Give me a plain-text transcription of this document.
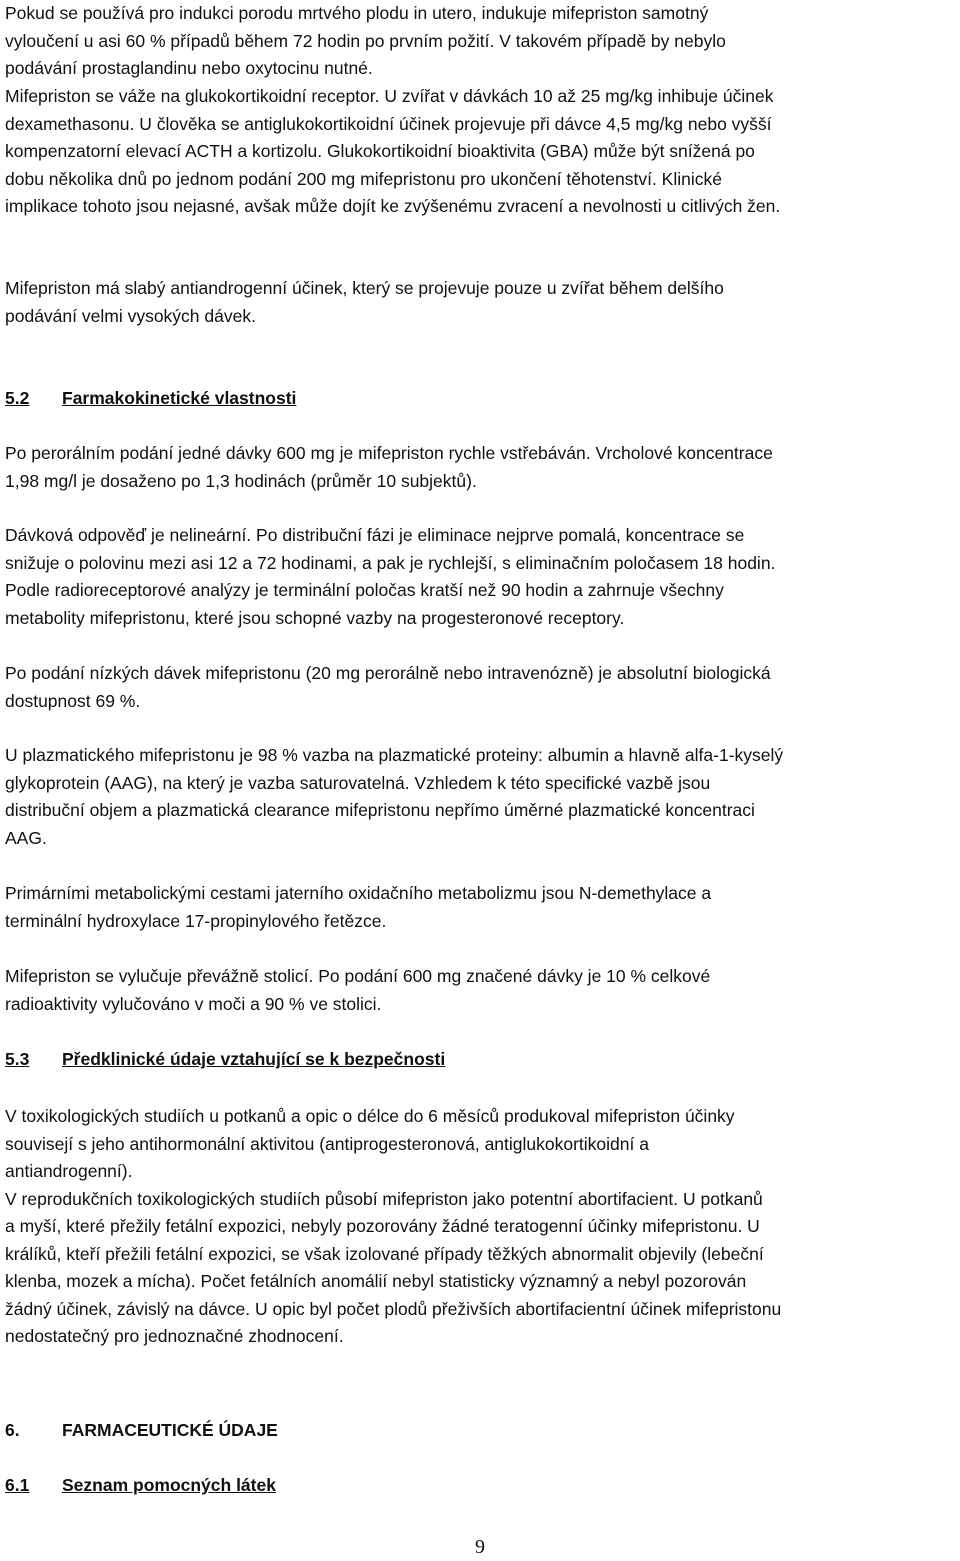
Pokud se používá pro indukci porodu mrtvého plodu in utero, indukuje mifepriston samotný
vyloučení u asi 60 % případů během 72 hodin po prvním požití. V takovém případě by nebylo
podávání prostaglandinu nebo oxytocinu nutné.
Mifepriston se váže na glukokortikoidní receptor. U zvířat v dávkách 10 až 25 mg/kg inhibuje účinek
dexamethasonu. U člověka se antiglukokortikoidní účinek projevuje při dávce 4,5 mg/kg nebo vyšší
kompenzatorní elevací ACTH a kortizolu. Glukokortikoidní bioaktivita (GBA) může být snížená po
dobu několika dnů po jednom podání 200 mg mifepristonu pro ukončení těhotenství. Klinické
implikace tohoto jsou nejasné, avšak může dojít ke zvýšenému zvracení a nevolnosti u citlivých žen.
Mifepriston má slabý antiandrogenní účinek, který se projevuje pouze u zvířat během delšího
podávání velmi vysokých dávek.
5.2 Farmakokinetické vlastnosti
Po perorálním podání jedné dávky 600 mg je mifepriston rychle vstřebáván. Vrcholové koncentrace
1,98 mg/l je dosaženo po 1,3 hodinách (průměr 10 subjektů).
Dávková odpověď je nelineární. Po distribuční fázi je eliminace nejprve pomalá, koncentrace se
snižuje o polovinu mezi asi 12 a 72 hodinami, a pak je rychlejší, s eliminačním poločasem 18 hodin.
Podle radioreceptorové analýzy je terminální poločas kratší než 90 hodin a zahrnuje všechny
metabolity mifepristonu, které jsou schopné vazby na progesteronové receptory.
Po podání nízkých dávek mifepristonu (20 mg perorálně nebo intravenózně) je absolutní biologická
dostupnost 69 %.
U plazmatického mifepristonu je 98 % vazba na plazmatické proteiny: albumin a hlavně alfa-1-kyselý
glykoprotein (AAG), na který je vazba saturovatelná. Vzhledem k této specifické vazbě jsou
distribuční objem a plazmatická clearance mifepristonu nepřímo úměrné plazmatické koncentraci
AAG.
Primárními metabolickými cestami jaterního oxidačního metabolizmu jsou N-demethylace a
terminální hydroxylace 17-propinylového řetězce.
Mifepriston se vylučuje převážně stolicí. Po podání 600 mg značené dávky je 10 % celkové
radioaktivity vylučováno v moči a 90 % ve stolici.
5.3 Předklinické údaje vztahující se k bezpečnosti
V toxikologických studiích u potkanů a opic o délce do 6 měsíců produkoval mifepriston účinky
souvisejí s jeho antihormonální aktivitou (antiprogesteronová, antiglukokortikoidní a
antiandrogenní).
V reprodukčních toxikologických studiích působí mifepriston jako potentní abortifacient. U potkanů
a myší, které přežily fetální expozici, nebyly pozorovány žádné teratogenní účinky mifepristonu. U
králíků, kteří přežili fetální expozici, se však izolované případy těžkých abnormalit objevily (lebeční
klenba, mozek a mícha). Počet fetálních anomálií nebyl statisticky významný a nebyl pozorován
žádný účinek, závislý na dávce. U opic byl počet plodů přeživších abortifacientní účinek mifepristonu
nedostatečný pro jednoznačné zhodnocení.
6. FARMACEUTICKÉ ÚDAJE
6.1 Seznam pomocných látek
9
